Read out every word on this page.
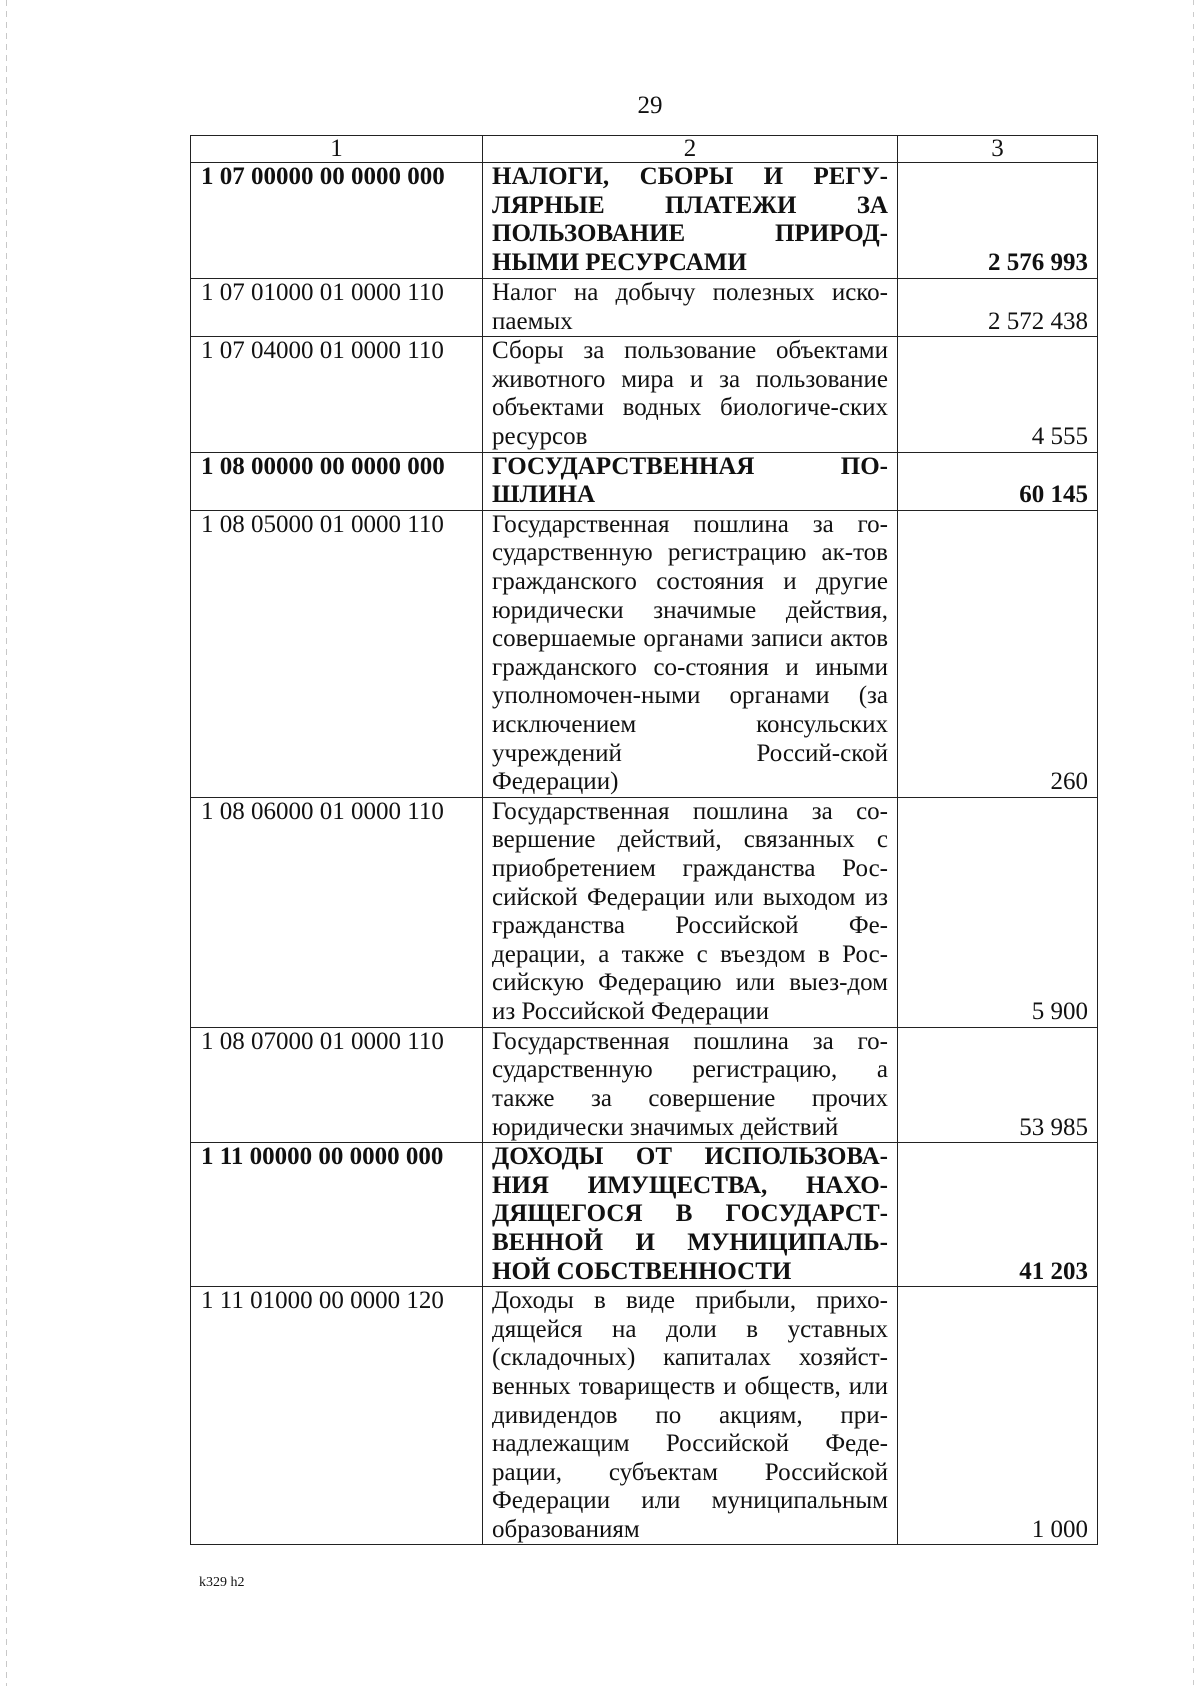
29
1	2	3
1 07 00000 00 0000 000	НАЛОГИ, СБОРЫ И РЕГУ-ЛЯРНЫЕ ПЛАТЕЖИ ЗА ПОЛЬЗОВАНИЕ ПРИРОД-НЫМИ РЕСУРСАМИ	2 576 993
1 07 01000 01 0000 110	Налог на добычу полезных иско-паемых	2 572 438
1 07 04000 01 0000 110	Сборы за пользование объектами животного мира и за пользование объектами водных биологиче-ских ресурсов	4 555
1 08 00000 00 0000 000	ГОСУДАРСТВЕННАЯ ПО-ШЛИНА	60 145
1 08 05000 01 0000 110	Государственная пошлина за го-сударственную регистрацию ак-тов гражданского состояния и другие юридически значимые действия, совершаемые органами записи актов гражданского со-стояния и иными уполномочен-ными органами (за исключением консульских учреждений Россий-ской Федерации)	260
1 08 06000 01 0000 110	Государственная пошлина за со-вершение действий, связанных с приобретением гражданства Рос-сийской Федерации или выходом из гражданства Российской Фе-дерации, а также с въездом в Рос-сийскую Федерацию или выез-дом из Российской Федерации	5 900
1 08 07000 01 0000 110	Государственная пошлина за го-сударственную регистрацию, а также за совершение прочих юридически значимых действий	53 985
1 11 00000 00 0000 000	ДОХОДЫ ОТ ИСПОЛЬЗОВА-НИЯ ИМУЩЕСТВА, НАХО-ДЯЩЕГОСЯ В ГОСУДАРСТ-ВЕННОЙ И МУНИЦИПАЛЬ-НОЙ СОБСТВЕННОСТИ	41 203
1 11 01000 00 0000 120	Доходы в виде прибыли, прихо-дящейся на доли в уставных (складочных) капиталах хозяйст-венных товариществ и обществ, или дивидендов по акциям, при-надлежащим Российской Феде-рации, субъектам Российской Федерации или муниципальным образованиям	1 000
k329 h2
